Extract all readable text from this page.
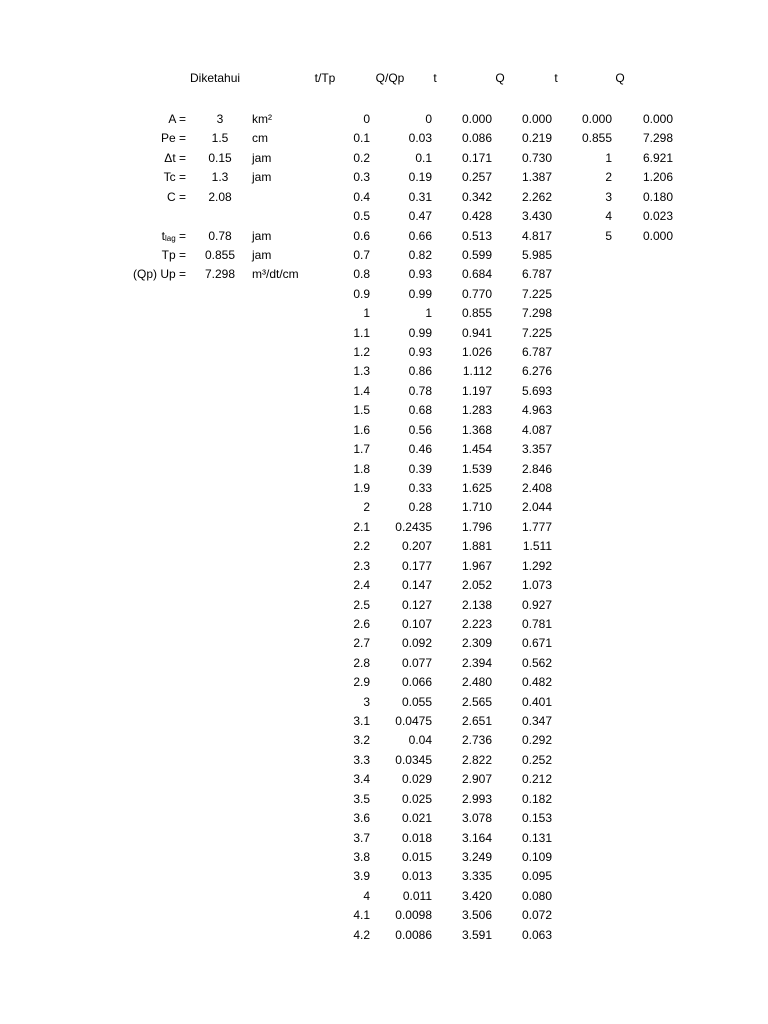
Diketahui	t/Tp	Q/Qp	t	Q	t	Q
A =	3	km²
Pe =	1.5	cm
Δt =	0.15	jam
Tc =	1.3	jam
C =	2.08
$t_{lag}$ =	0.78	jam
Tp =	0.855	jam
(Qp) Up =	7.298	m³/dt/cm
0	0	0.000	0.000
0.1	0.03	0.086	0.219
0.2	0.1	0.171	0.730
0.3	0.19	0.257	1.387
0.4	0.31	0.342	2.262
0.5	0.47	0.428	3.430
0.6	0.66	0.513	4.817
0.7	0.82	0.599	5.985
0.8	0.93	0.684	6.787
0.9	0.99	0.770	7.225
1	1	0.855	7.298
1.1	0.99	0.941	7.225
1.2	0.93	1.026	6.787
1.3	0.86	1.112	6.276
1.4	0.78	1.197	5.693
1.5	0.68	1.283	4.963
1.6	0.56	1.368	4.087
1.7	0.46	1.454	3.357
1.8	0.39	1.539	2.846
1.9	0.33	1.625	2.408
2	0.28	1.710	2.044
2.1	0.2435	1.796	1.777
2.2	0.207	1.881	1.511
2.3	0.177	1.967	1.292
2.4	0.147	2.052	1.073
2.5	0.127	2.138	0.927
2.6	0.107	2.223	0.781
2.7	0.092	2.309	0.671
2.8	0.077	2.394	0.562
2.9	0.066	2.480	0.482
3	0.055	2.565	0.401
3.1	0.0475	2.651	0.347
3.2	0.04	2.736	0.292
3.3	0.0345	2.822	0.252
3.4	0.029	2.907	0.212
3.5	0.025	2.993	0.182
3.6	0.021	3.078	0.153
3.7	0.018	3.164	0.131
3.8	0.015	3.249	0.109
3.9	0.013	3.335	0.095
4	0.011	3.420	0.080
4.1	0.0098	3.506	0.072
4.2	0.0086	3.591	0.063
0.000	0.000
0.855	7.298
1	6.921
2	1.206
3	0.180
4	0.023
5	0.000
